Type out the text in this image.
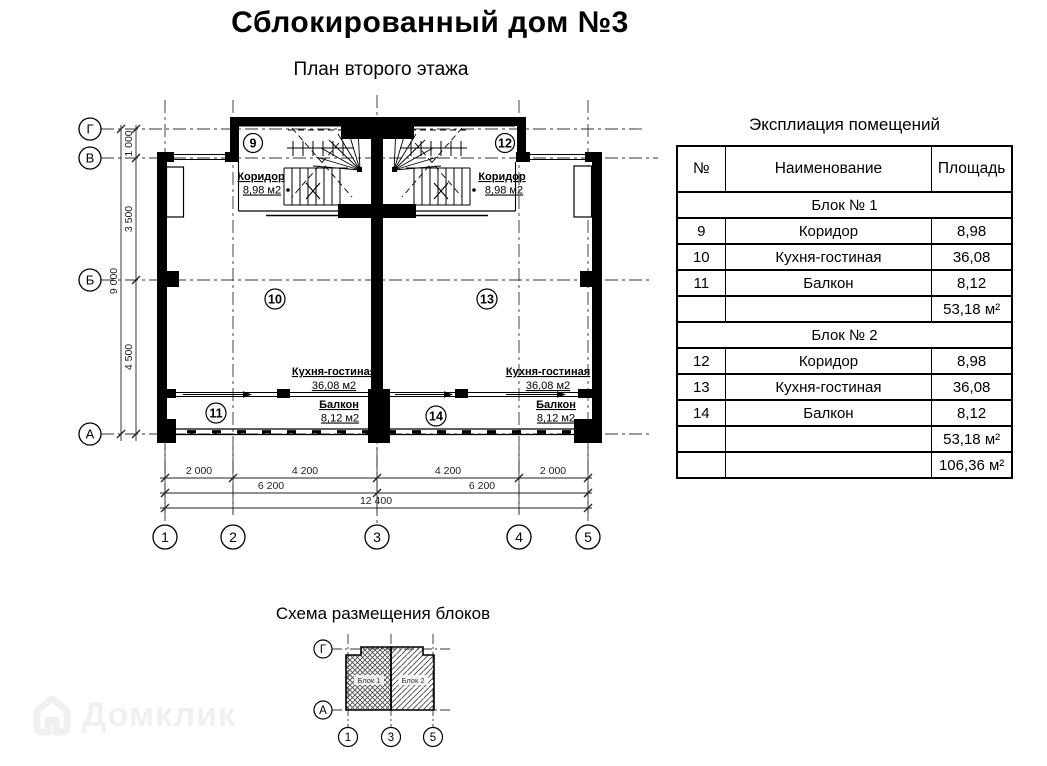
Сблокированный дом №3
План второго этажа
1 000
3 500
4 500
9 000
2 000	4 200	4 200	2 000
6 200	6 200
12 400
Коридор
8,98 м2
Коридор
8,98 м2
Кухня-гостиная
36,08 м2
Кухня-гостиная
36,08 м2
Балкон
8,12 м2
Балкон
8,12 м2
9	12
10	13
11	14
Г
В
Б
А
1	2	3	4	5
Эксплиация помещений
№	Наименование	Площадь
Блок № 1		
9	Коридор	8,98
10	Кухня-гостиная	36,08
11	Балкон	8,12
		53,18 м²
Блок № 2		
12	Коридор	8,98
13	Кухня-гостиная	36,08
14	Балкон	8,12
		53,18 м²
		106,36 м²
Схема размещения блоков
Блок 1	Блок 2
Г
А
1	3	5
Домклик
